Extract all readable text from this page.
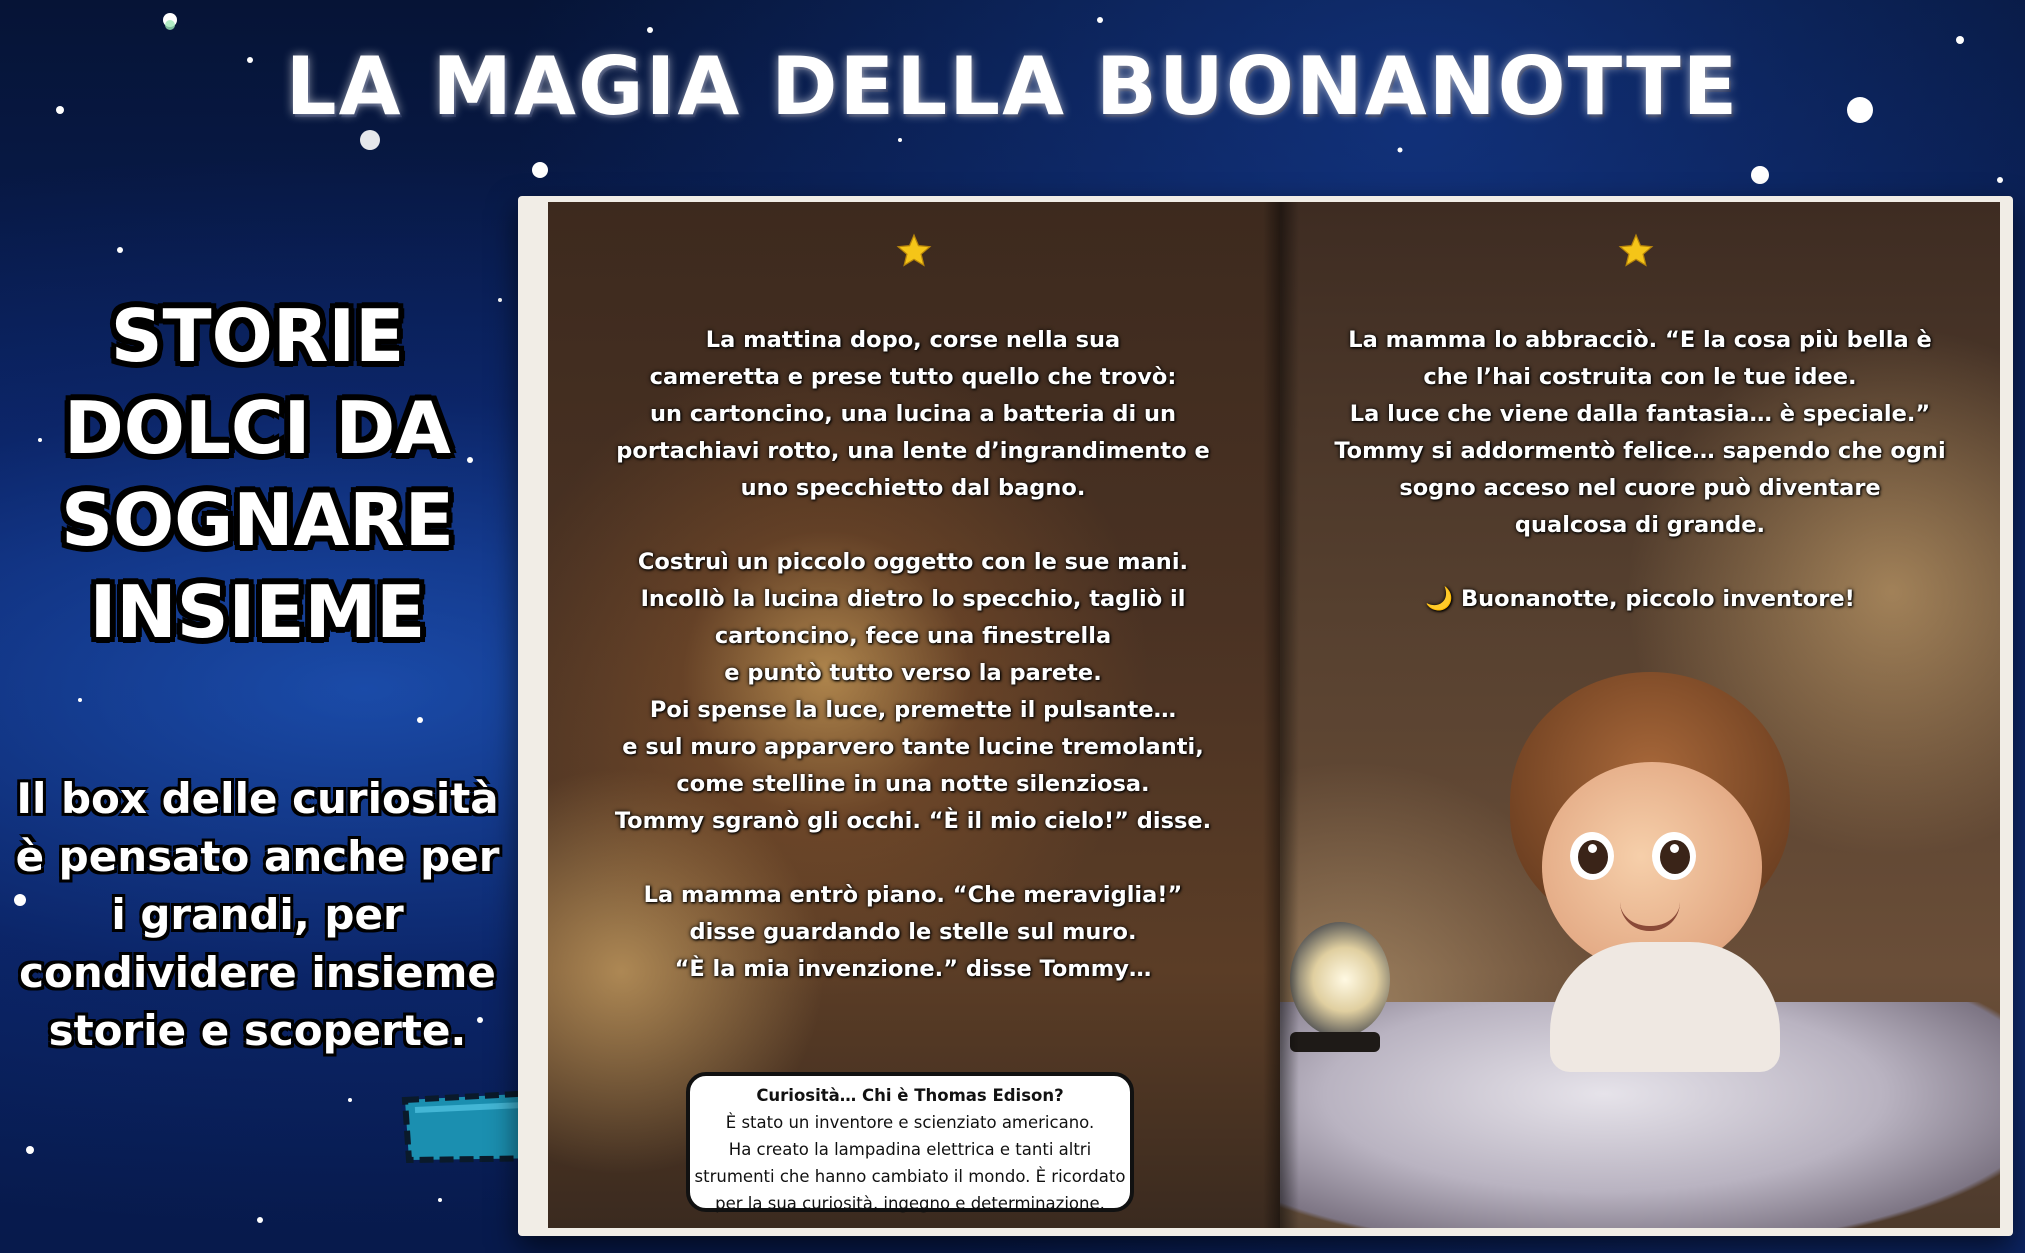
LA MAGIA DELLA BUONANOTTE
STORIE DOLCI DA SOGNARE INSIEME
Il box delle curiosità è pensato anche per i grandi, per condividere insieme storie e scoperte.
La mattina dopo, corse nella sua
cameretta e prese tutto quello che trovò:
un cartoncino, una lucina a batteria di un
portachiavi rotto, una lente d’ingrandimento e
uno specchietto dal bagno.

Costruì un piccolo oggetto con le sue mani.
Incollò la lucina dietro lo specchio, tagliò il
cartoncino, fece una finestrella
e puntò tutto verso la parete.
Poi spense la luce, premette il pulsante…
e sul muro apparvero tante lucine tremolanti,
come stelline in una notte silenziosa.
Tommy sgranò gli occhi. “È il mio cielo!” disse.

La mamma entrò piano. “Che meraviglia!”
disse guardando le stelle sul muro.
“È la mia invenzione.” disse Tommy…
Curiosità… Chi è Thomas Edison?
È stato un inventore e scienziato americano.
Ha creato la lampadina elettrica e tanti altri
strumenti che hanno cambiato il mondo. È ricordato
per la sua curiosità, ingegno e determinazione.
La mamma lo abbracciò. “E la cosa più bella è
che l’hai costruita con le tue idee.
La luce che viene dalla fantasia… è speciale.”
Tommy si addormentò felice… sapendo che ogni
sogno acceso nel cuore può diventare
qualcosa di grande.

🌙 Buonanotte, piccolo inventore!
